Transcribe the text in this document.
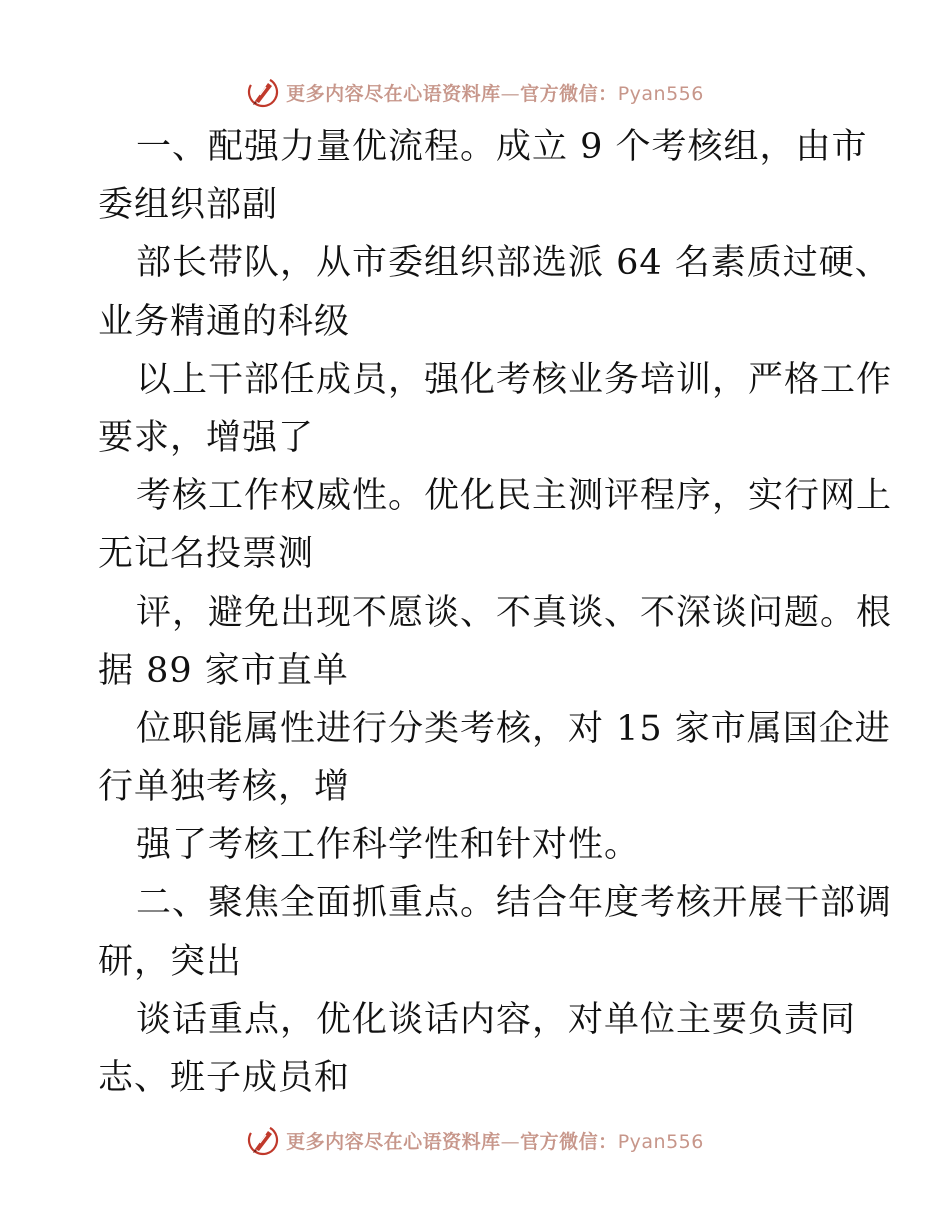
更多内容尽在心语资料库—官方微信：Pyan556
一、配强力量优流程。成立 9 个考核组，由市
委组织部副
部长带队，从市委组织部选派 64 名素质过硬、
业务精通的科级
以上干部任成员，强化考核业务培训，严格工作
要求，增强了
考核工作权威性。优化民主测评程序，实行网上
无记名投票测
评，避免出现不愿谈、不真谈、不深谈问题。根
据 89 家市直单
位职能属性进行分类考核，对 15 家市属国企进
行单独考核，增
强了考核工作科学性和针对性。
二、聚焦全面抓重点。结合年度考核开展干部调
研，突出
谈话重点，优化谈话内容，对单位主要负责同
志、班子成员和
更多内容尽在心语资料库—官方微信：Pyan556
